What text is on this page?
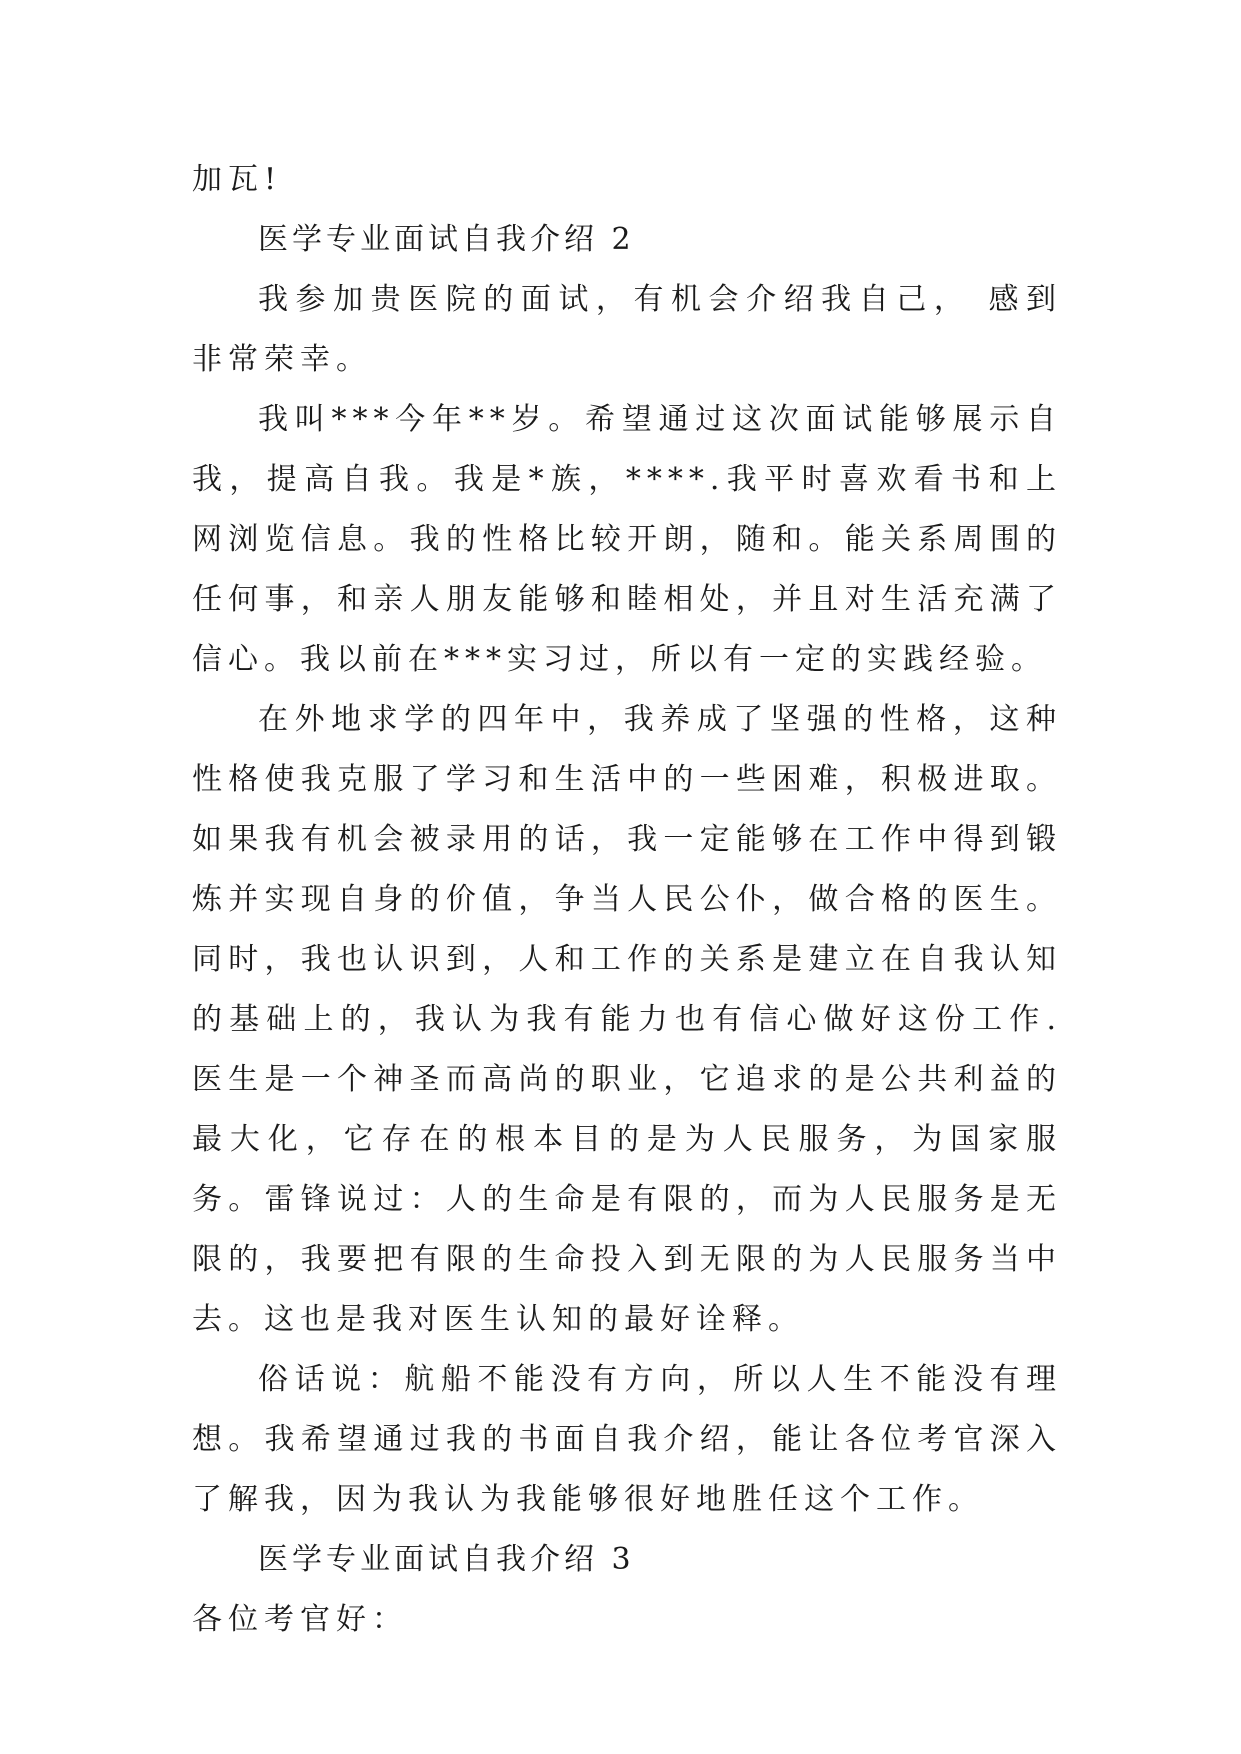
加瓦!

医学专业面试自我介绍 2

我参加贵医院的面试，有机会介绍我自己， 感到非常荣幸。

我叫***今年**岁。希望通过这次面试能够展示自我，提高自我。我是*族，****.我平时喜欢看书和上网浏览信息。我的性格比较开朗，随和。能关系周围的任何事，和亲人朋友能够和睦相处，并且对生活充满了信心。我以前在***实习过，所以有一定的实践经验。

在外地求学的四年中，我养成了坚强的性格，这种性格使我克服了学习和生活中的一些困难，积极进取。如果我有机会被录用的话，我一定能够在工作中得到锻炼并实现自身的价值，争当人民公仆，做合格的医生。同时，我也认识到，人和工作的关系是建立在自我认知的基础上的，我认为我有能力也有信心做好这份工作.医生是一个神圣而高尚的职业，它追求的是公共利益的最大化，它存在的根本目的是为人民服务，为国家服务。雷锋说过：人的生命是有限的，而为人民服务是无限的，我要把有限的生命投入到无限的为人民服务当中去。这也是我对医生认知的最好诠释。

俗话说：航船不能没有方向，所以人生不能没有理想。我希望通过我的书面自我介绍，能让各位考官深入了解我，因为我认为我能够很好地胜任这个工作。

医学专业面试自我介绍 3

各位考官好：
